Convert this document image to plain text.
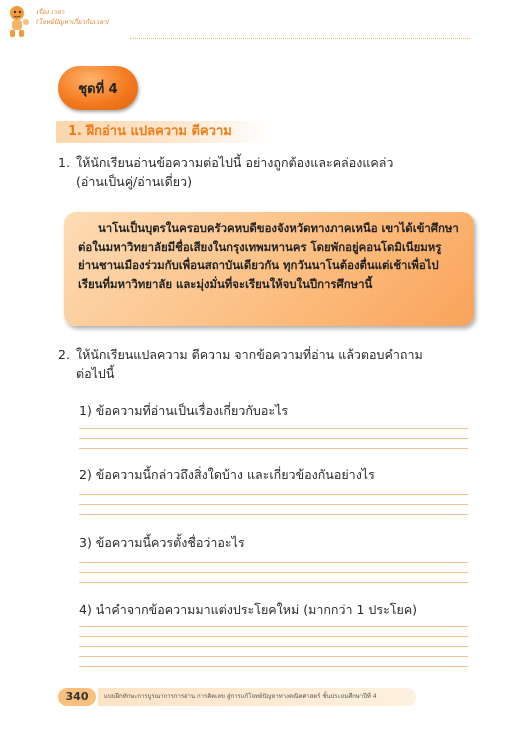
เรื่อง เวลา
(โจทย์ปัญหาเกี่ยวกับเวลา)
ชุดที่ 4
1. ฝึกอ่าน แปลความ ตีความ
1. ให้นักเรียนอ่านข้อความต่อไปนี้ อย่างถูกต้องและคล่องแคล่ว
(อ่านเป็นคู่/อ่านเดี่ยว)

นาโนเป็นบุตรในครอบครัวคหบดีของจังหวัดทางภาคเหนือ เขาได้เข้าศึกษาต่อในมหาวิทยาลัยมีชื่อเสียงในกรุงเทพมหานคร โดยพักอยู่คอนโดมิเนียมหรูย่านชานเมืองร่วมกับเพื่อนสถาบันเดียวกัน ทุกวันนาโนต้องตื่นแต่เช้าเพื่อไปเรียนที่มหาวิทยาลัย และมุ่งมั่นที่จะเรียนให้จบในปีการศึกษานี้

2. ให้นักเรียนแปลความ ตีความ จากข้อความที่อ่าน แล้วตอบคำถาม
ต่อไปนี้
1) ข้อความที่อ่านเป็นเรื่องเกี่ยวกับอะไร
2) ข้อความนี้กล่าวถึงสิ่งใดบ้าง และเกี่ยวข้องกันอย่างไร
3) ข้อความนี้ควรตั้งชื่อว่าอะไร
4) นำคำจากข้อความมาแต่งประโยคใหม่ (มากกว่า 1 ประโยค)
340	แบบฝึกทักษะการบูรณาการการอ่าน การคิดเลข สู่การแก้โจทย์ปัญหาทางคณิตศาสตร์ ชั้นประถมศึกษาปีที่ 4
